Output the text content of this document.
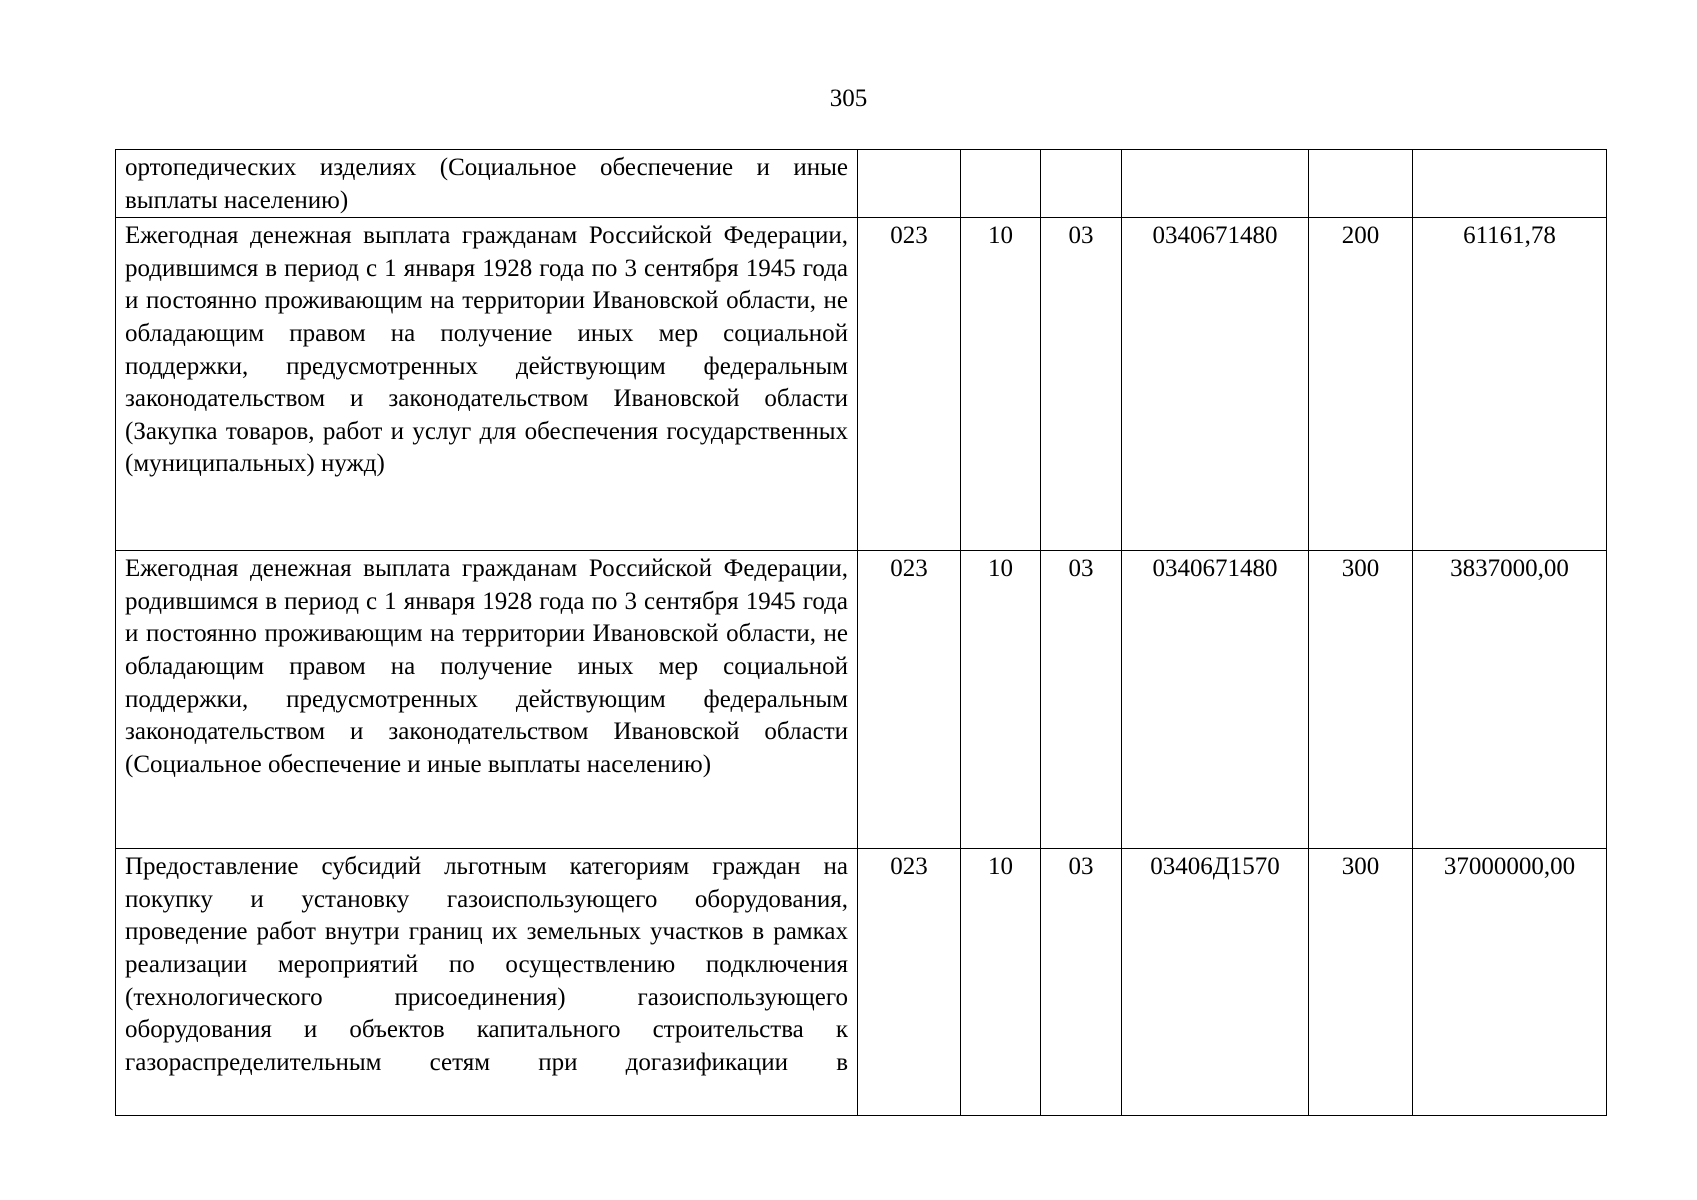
305
ортопедических изделиях (Социальное обеспечение и иные выплаты населению)						
Ежегодная денежная выплата гражданам Российской Федерации, родившимся в период с 1 января 1928 года по 3 сентября 1945 года и постоянно проживающим на территории Ивановской области, не обладающим правом на получение иных мер социальной поддержки, предусмотренных действующим федеральным законодательством и законодательством Ивановской области (Закупка товаров, работ и услуг для обеспечения государственных (муниципальных) нужд)	023	10	03	0340671480	200	61161,78
Ежегодная денежная выплата гражданам Российской Федерации, родившимся в период с 1 января 1928 года по 3 сентября 1945 года и постоянно проживающим на территории Ивановской области, не обладающим правом на получение иных мер социальной поддержки, предусмотренных действующим федеральным законодательством и законодательством Ивановской области (Социальное обеспечение и иные выплаты населению)	023	10	03	0340671480	300	3837000,00
Предоставление субсидий льготным категориям граждан на покупку и установку газоиспользующего оборудования, проведение работ внутри границ их земельных участков в рамках реализации мероприятий по осуществлению подключения (технологического присоединения) газоиспользующего оборудования и объектов капитального строительства к газораспределительным сетям при догазификации в	023	10	03	03406Д1570	300	37000000,00
